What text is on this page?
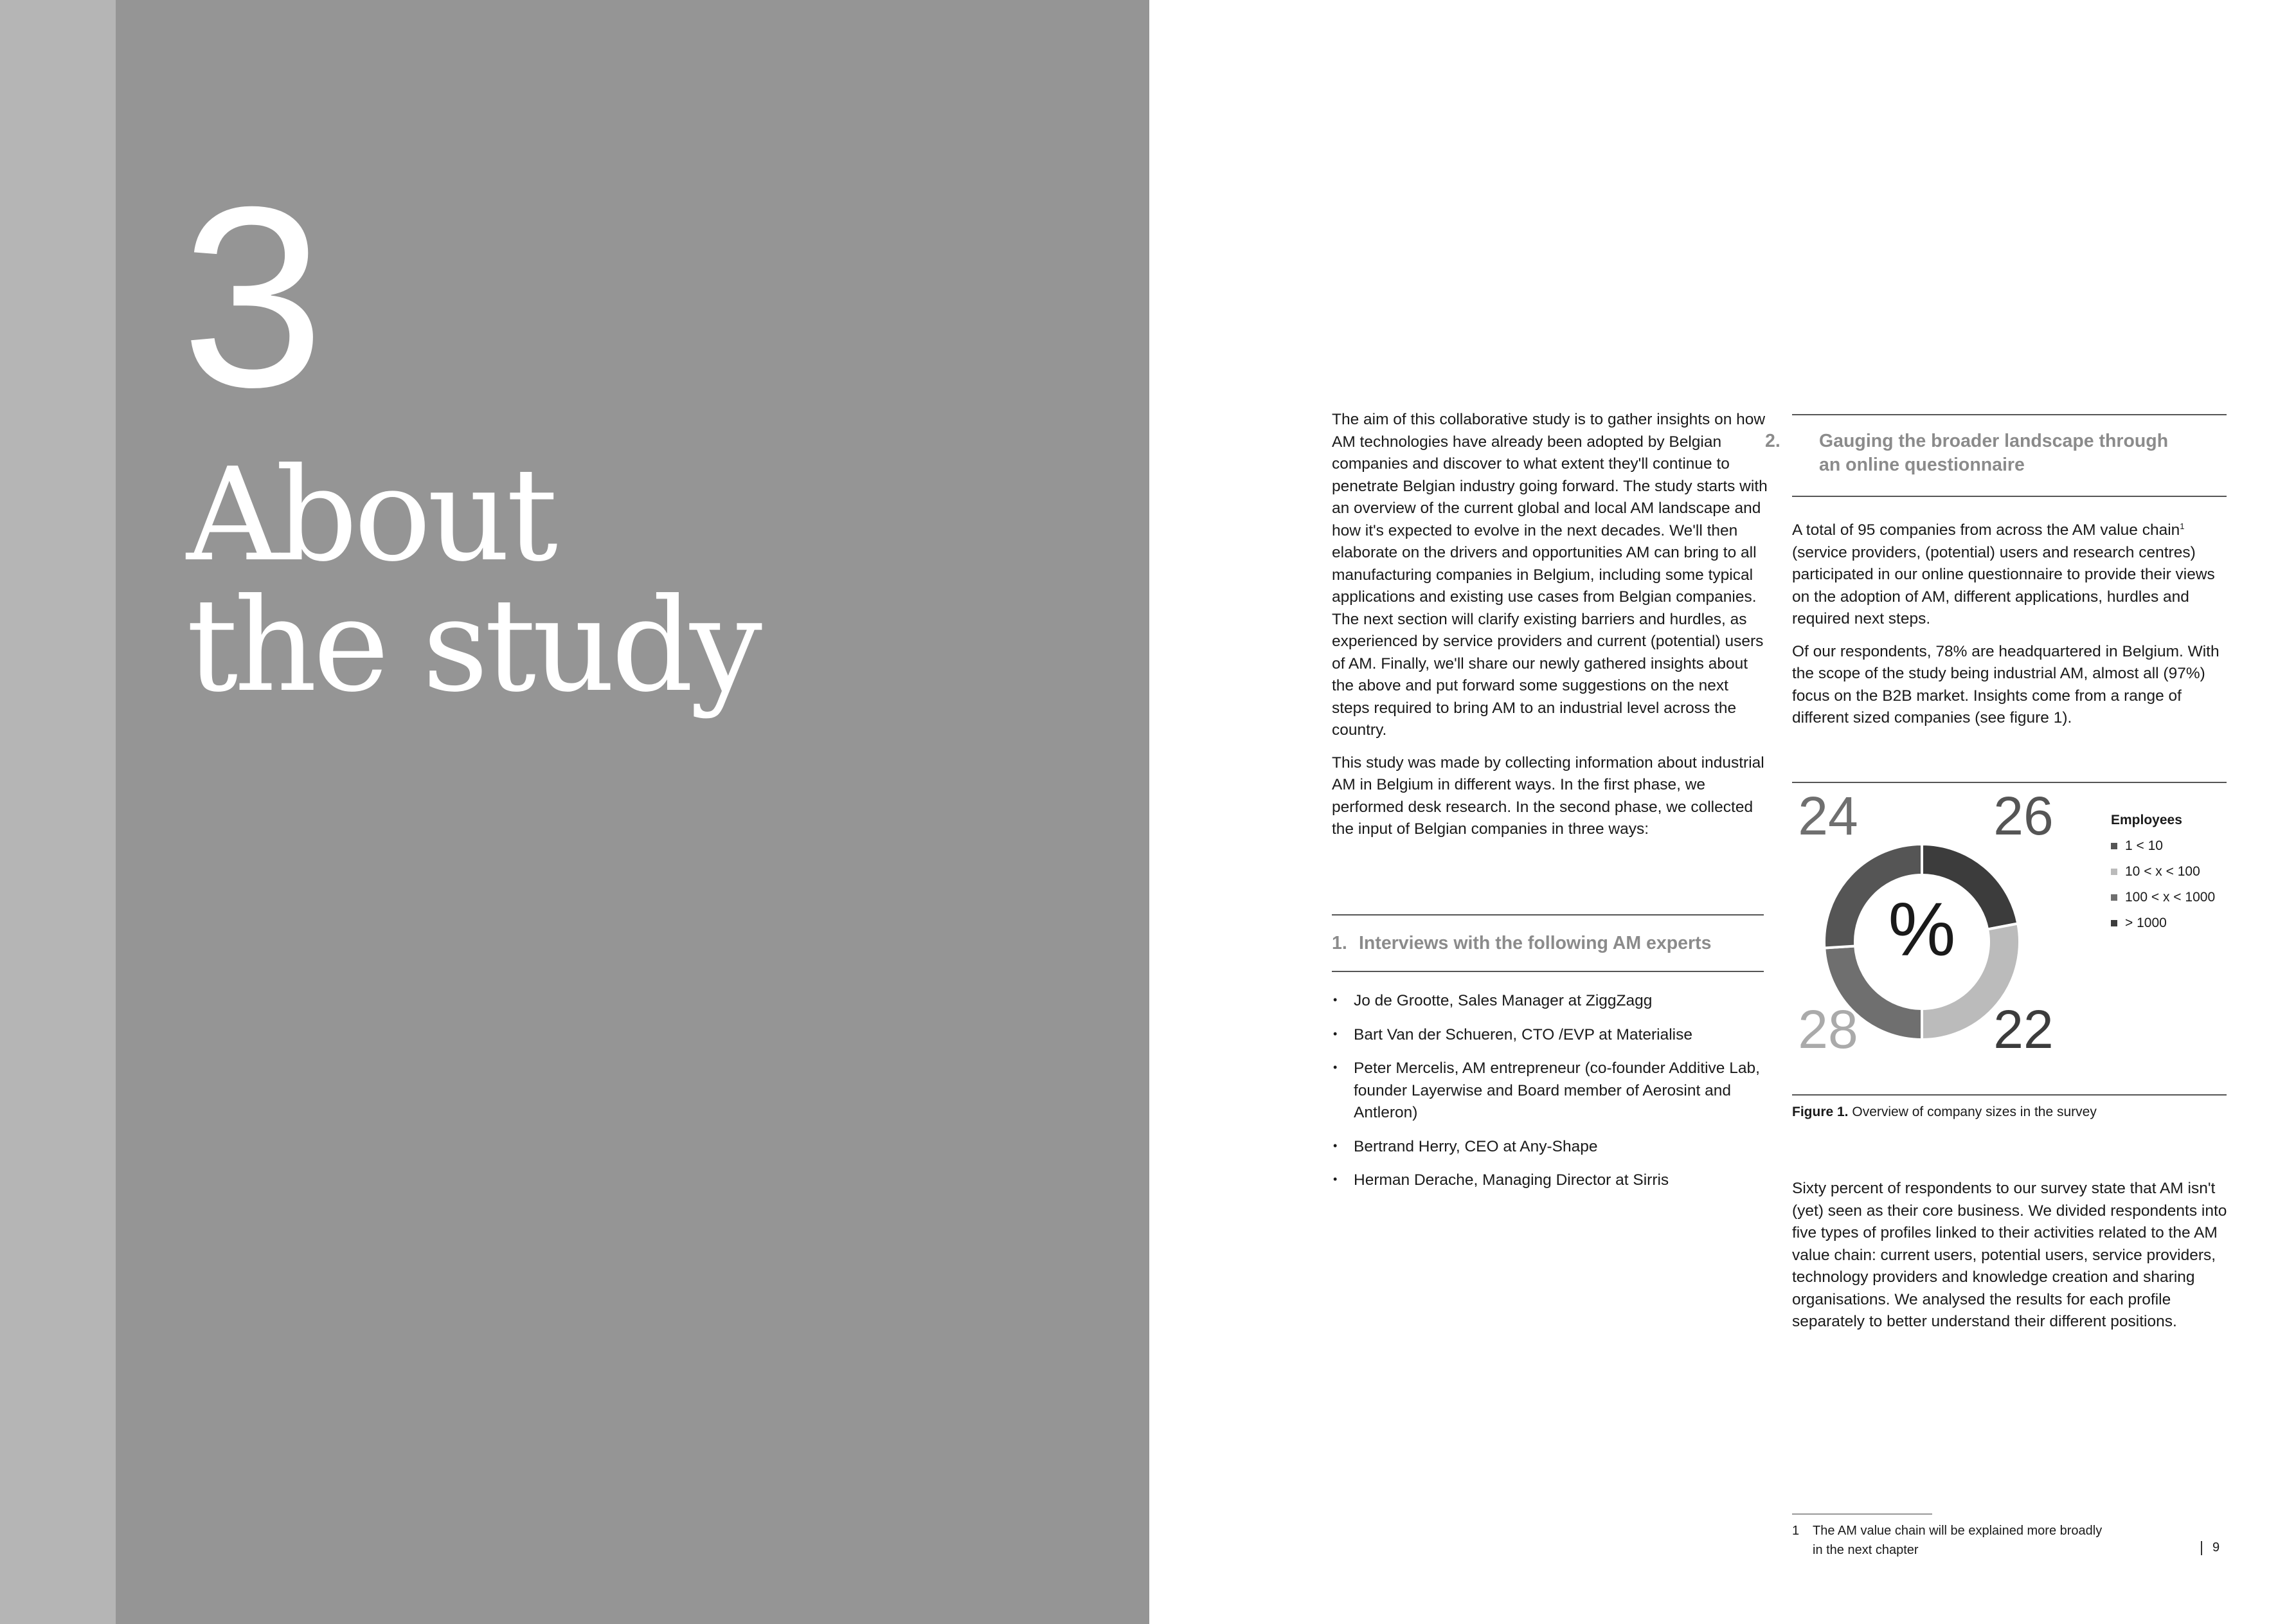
3
About
the study

The aim of this collaborative study is to gather insights on how AM technologies have already been adopted by Belgian companies and discover to what extent they'll continue to penetrate Belgian industry going forward. The study starts with an overview of the current global and local AM landscape and how it's expected to evolve in the next decades. We'll then elaborate on the drivers and opportunities AM can bring to all manufacturing companies in Belgium, including some typical applications and existing use cases from Belgian companies. The next section will clarify existing barriers and hurdles, as experienced by service providers and current (potential) users of AM. Finally, we'll share our newly gathered insights about the above and put forward some suggestions on the next steps required to bring AM to an industrial level across the country.

This study was made by collecting information about industrial AM in Belgium in different ways. In the first phase, we performed desk research. In the second phase, we collected the input of Belgian companies in three ways:

1. Interviews with the following AM experts
• Jo de Grootte, Sales Manager at ZiggZagg
• Bart Van der Schueren, CTO /EVP at Materialise
• Peter Mercelis, AM entrepreneur (co-founder Additive Lab, founder Layerwise and Board member of Aerosint and Antleron)
• Bertrand Herry, CEO at Any-Shape
• Herman Derache, Managing Director at Sirris
2. Gauging the broader landscape through
an online questionnaire

A total of 95 companies from across the AM value chain$^1$ (service providers, (potential) users and research centres) participated in our online questionnaire to provide their views on the adoption of AM, different applications, hurdles and required next steps.

Of our respondents, 78% are headquartered in Belgium. With the scope of the study being industrial AM, almost all (97%) focus on the B2B market. Insights come from a range of different sized companies (see figure 1).

%
24	26
28	22
Employees
1 < 10
10 < x < 100
100 < x < 1000
> 1000
Figure 1. Overview of company sizes in the survey

Sixty percent of respondents to our survey state that AM isn't (yet) seen as their core business. We divided respondents into five types of profiles linked to their activities related to the AM value chain: current users, potential users, service providers, technology providers and knowledge creation and sharing organisations. We analysed the results for each profile separately to better understand their different positions.

1 The AM value chain will be explained more broadly
in the next chapter	9
